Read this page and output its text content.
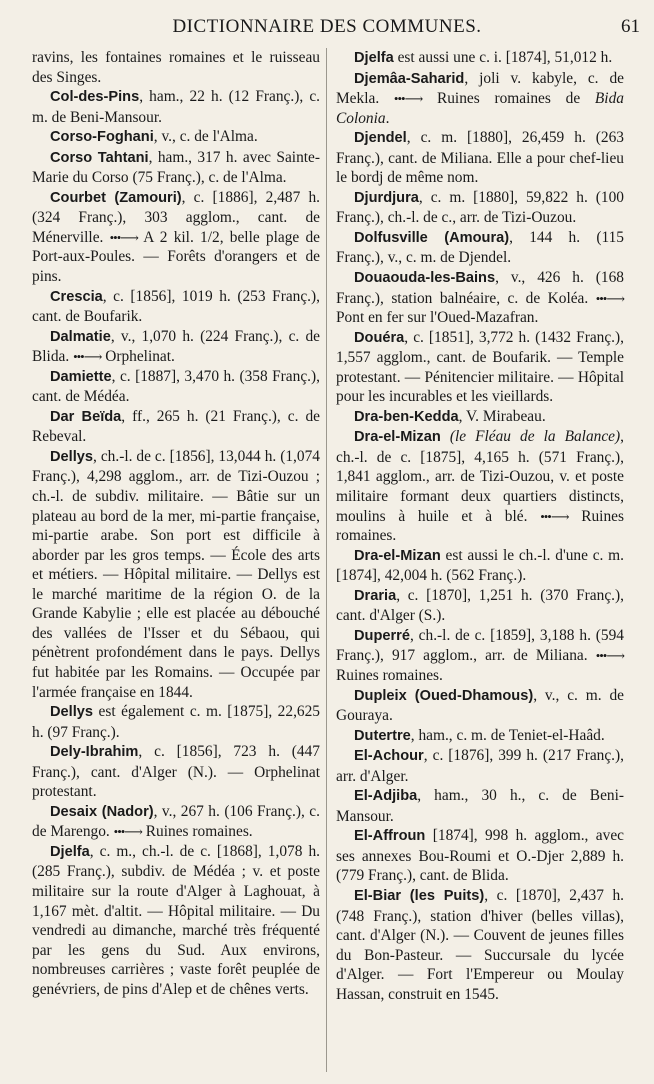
DICTIONNAIRE DES COMMUNES.	61

ravins, les fontaines romaines et le ruisseau des Singes.

Col-des-Pins, ham., 22 h. (12 Franç.), c. m. de Beni-Mansour.

Corso-Foghani, v., c. de l'Alma.

Corso Tahtani, ham., 317 h. avec Sainte-Marie du Corso (75 Franç.), c. de l'Alma.

Courbet (Zamouri), c. [1886], 2,487 h. (324 Franç.), 303 agglom., cant. de Ménerville. •••⟶ A 2 kil. 1/2, belle plage de Port-aux-Poules. — Forêts d'orangers et de pins.

Crescia, c. [1856], 1019 h. (253 Franç.), cant. de Boufarik.

Dalmatie, v., 1,070 h. (224 Franç.), c. de Blida. •••⟶ Orphelinat.

Damiette, c. [1887], 3,470 h. (358 Franç.), cant. de Médéa.

Dar Beïda, ff., 265 h. (21 Franç.), c. de Rebeval.

Dellys, ch.-l. de c. [1856], 13,044 h. (1,074 Franç.), 4,298 agglom., arr. de Tizi-Ouzou ; ch.-l. de subdiv. militaire. — Bâtie sur un plateau au bord de la mer, mi-partie française, mi-partie arabe. Son port est difficile à aborder par les gros temps. — École des arts et métiers. — Hôpital militaire. — Dellys est le marché maritime de la région O. de la Grande Kabylie ; elle est placée au débouché des vallées de l'Isser et du Sébaou, qui pénètrent profondément dans le pays. Dellys fut habitée par les Romains. — Occupée par l'armée française en 1844.

Dellys est également c. m. [1875], 22,625 h. (97 Franç.).

Dely-Ibrahim, c. [1856], 723 h. (447 Franç.), cant. d'Alger (N.). — Orphelinat protestant.

Desaix (Nador), v., 267 h. (106 Franç.), c. de Marengo. •••⟶ Ruines romaines.

Djelfa, c. m., ch.-l. de c. [1868], 1,078 h. (285 Franç.), subdiv. de Médéa ; v. et poste militaire sur la route d'Alger à Laghouat, à 1,167 mèt. d'altit. — Hôpital militaire. — Du vendredi au dimanche, marché très fréquenté par les gens du Sud. Aux environs, nombreuses carrières ; vaste forêt peuplée de genévriers, de pins d'Alep et de chênes verts.

Djelfa est aussi une c. i. [1874], 51,012 h.

Djemâa-Saharid, joli v. kabyle, c. de Mekla. •••⟶ Ruines romaines de Bida Colonia.

Djendel, c. m. [1880], 26,459 h. (263 Franç.), cant. de Miliana. Elle a pour chef-lieu le bordj de même nom.

Djurdjura, c. m. [1880], 59,822 h. (100 Franç.), ch.-l. de c., arr. de Tizi-Ouzou.

Dolfusville (Amoura), 144 h. (115 Franç.), v., c. m. de Djendel.

Douaouda-les-Bains, v., 426 h. (168 Franç.), station balnéaire, c. de Koléa. •••⟶ Pont en fer sur l'Oued-Mazafran.

Douéra, c. [1851], 3,772 h. (1432 Franç.), 1,557 agglom., cant. de Boufarik. — Temple protestant. — Pénitencier militaire. — Hôpital pour les incurables et les vieillards.

Dra-ben-Kedda, V. Mirabeau.

Dra-el-Mizan (le Fléau de la Balance), ch.-l. de c. [1875], 4,165 h. (571 Franç.), 1,841 agglom., arr. de Tizi-Ouzou, v. et poste militaire formant deux quartiers distincts, moulins à huile et à blé. •••⟶ Ruines romaines.

Dra-el-Mizan est aussi le ch.-l. d'une c. m. [1874], 42,004 h. (562 Franç.).

Draria, c. [1870], 1,251 h. (370 Franç.), cant. d'Alger (S.).

Duperré, ch.-l. de c. [1859], 3,188 h. (594 Franç.), 917 agglom., arr. de Miliana. •••⟶ Ruines romaines.

Dupleix (Oued-Dhamous), v., c. m. de Gouraya.

Dutertre, ham., c. m. de Teniet-el-Haâd.

El-Achour, c. [1876], 399 h. (217 Franç.), arr. d'Alger.

El-Adjiba, ham., 30 h., c. de Beni-Mansour.

El-Affroun [1874], 998 h. agglom., avec ses annexes Bou-Roumi et O.-Djer 2,889 h. (779 Franç.), cant. de Blida.

El-Biar (les Puits), c. [1870], 2,437 h. (748 Franç.), station d'hiver (belles villas), cant. d'Alger (N.). — Couvent de jeunes filles du Bon-Pasteur. — Succursale du lycée d'Alger. — Fort l'Empereur ou Moulay Hassan, construit en 1545.
